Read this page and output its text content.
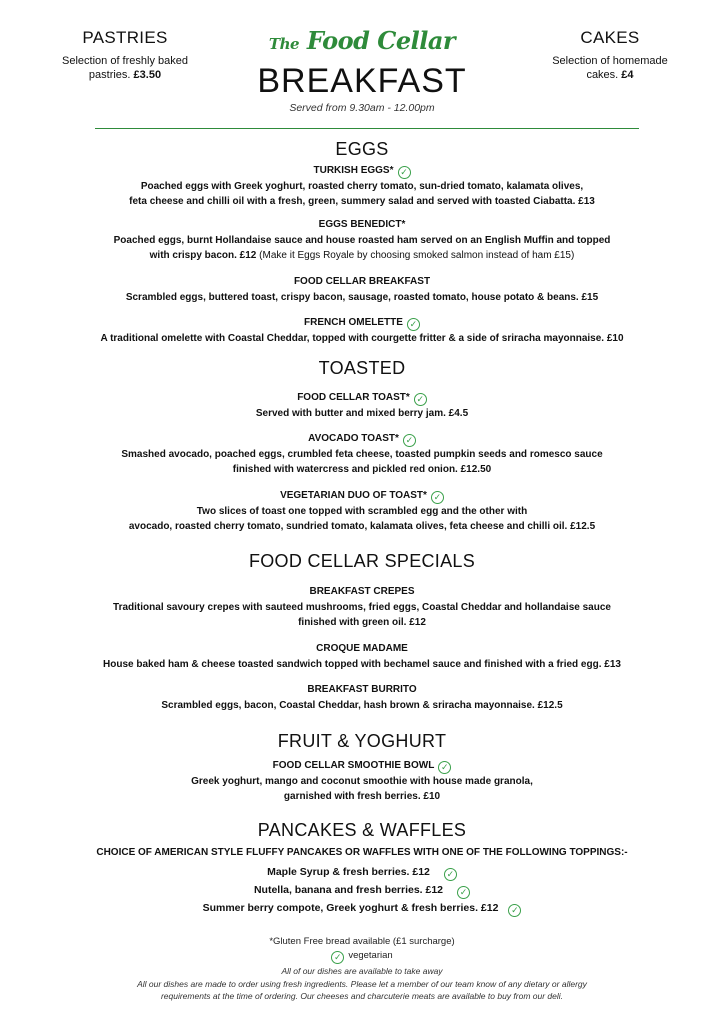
PASTRIES
Selection of freshly baked pastries. £3.50
CAKES
Selection of homemade cakes. £4
The Food Cellar
BREAKFAST
Served from 9.30am - 12.00pm
EGGS
TURKISH EGGS* ✓
Poached eggs with Greek yoghurt, roasted cherry tomato, sun-dried tomato, kalamata olives,
feta cheese and chilli oil with a fresh, green, summery salad and served with toasted Ciabatta. £13
EGGS BENEDICT*
Poached eggs, burnt Hollandaise sauce and house roasted ham served on an English Muffin and topped
with crispy bacon. £12 (Make it Eggs Royale by choosing smoked salmon instead of ham £15)
FOOD CELLAR BREAKFAST
Scrambled eggs, buttered toast, crispy bacon, sausage, roasted tomato, house potato & beans. £15
FRENCH OMELETTE ✓
A traditional omelette with Coastal Cheddar, topped with courgette fritter & a side of sriracha mayonnaise. £10
TOASTED
FOOD CELLAR TOAST* ✓
Served with butter and mixed berry jam. £4.5
AVOCADO TOAST* ✓
Smashed avocado, poached eggs, crumbled feta cheese, toasted pumpkin seeds and romesco sauce
finished with watercress and pickled red onion. £12.50
VEGETARIAN DUO OF TOAST* ✓
Two slices of toast one topped with scrambled egg and the other with
avocado, roasted cherry tomato, sundried tomato, kalamata olives, feta cheese and chilli oil. £12.5
FOOD CELLAR SPECIALS
BREAKFAST CREPES
Traditional savoury crepes with sauteed mushrooms, fried eggs, Coastal Cheddar and hollandaise sauce
finished with green oil. £12
CROQUE MADAME
House baked ham & cheese toasted sandwich topped with bechamel sauce and finished with a fried egg. £13
BREAKFAST BURRITO
Scrambled eggs, bacon, Coastal Cheddar, hash brown & sriracha mayonnaise. £12.5
FRUIT & YOGHURT
FOOD CELLAR SMOOTHIE BOWL ✓
Greek yoghurt, mango and coconut smoothie with house made granola,
garnished with fresh berries. £10
PANCAKES & WAFFLES
CHOICE OF AMERICAN STYLE FLUFFY PANCAKES OR WAFFLES WITH ONE OF THE FOLLOWING TOPPINGS:-
Maple Syrup & fresh berries. £12 ✓
Nutella, banana and fresh berries. £12 ✓
Summer berry compote, Greek yoghurt & fresh berries. £12 ✓
*Gluten Free bread available (£1 surcharge)
✓ vegetarian
All of our dishes are available to take away
All our dishes are made to order using fresh ingredients. Please let a member of our team know of any dietary or allergy
requirements at the time of ordering. Our cheeses and charcuterie meats are available to buy from our deli.
